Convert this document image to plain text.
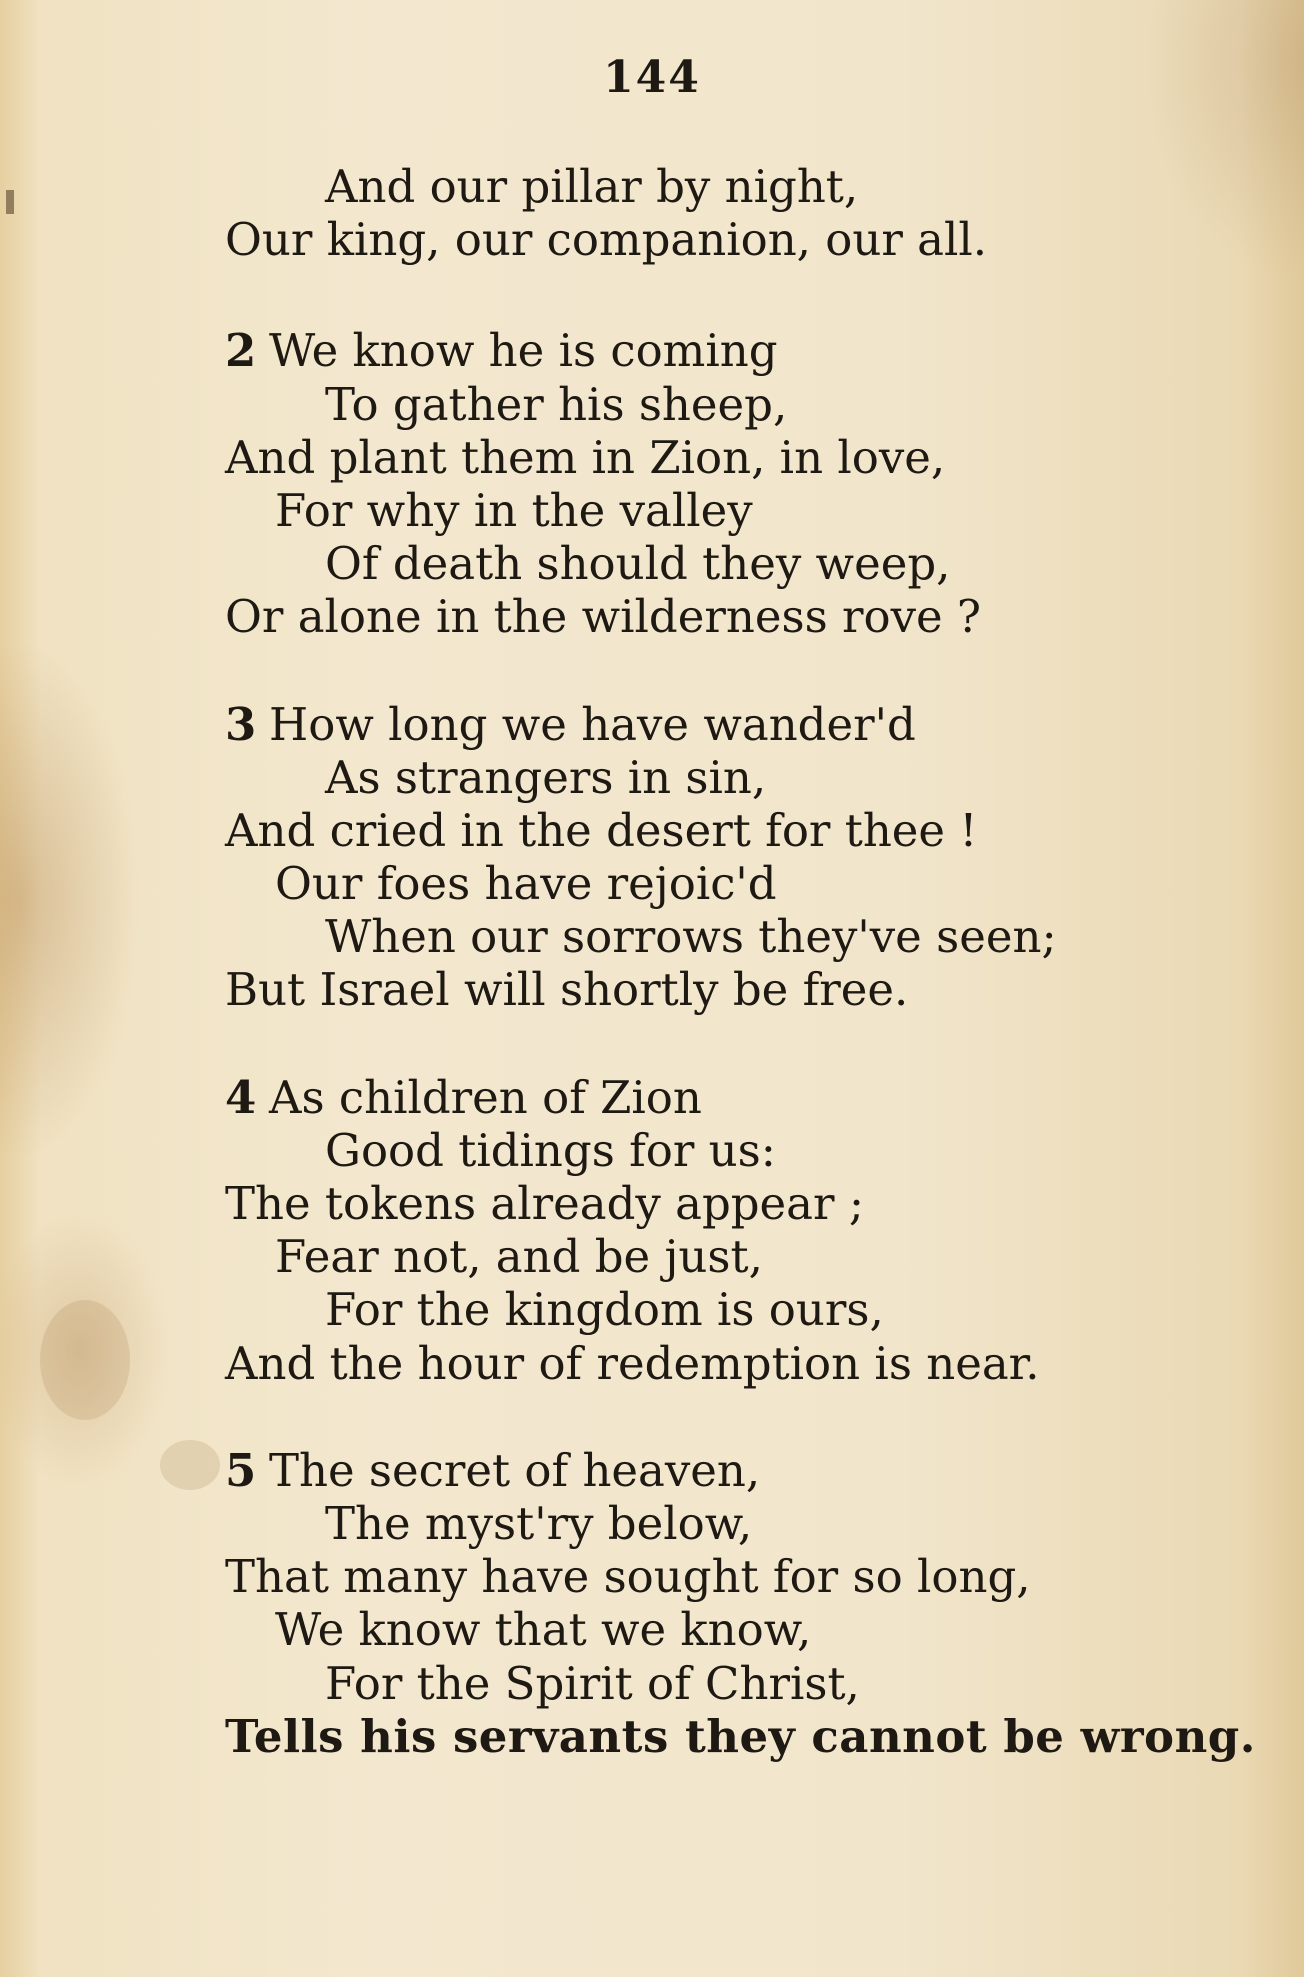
144
And our pillar by night,
Our king, our companion, our all.
2 We know he is coming
To gather his sheep,
And plant them in Zion, in love,
For why in the valley
Of death should they weep,
Or alone in the wilderness rove ?
3 How long we have wander'd
As strangers in sin,
And cried in the desert for thee !
Our foes have rejoic'd
When our sorrows they've seen;
But Israel will shortly be free.
4 As children of Zion
Good tidings for us:
The tokens already appear ;
Fear not, and be just,
For the kingdom is ours,
And the hour of redemption is near.
5 The secret of heaven,
The myst'ry below,
That many have sought for so long,
We know that we know,
For the Spirit of Christ,
Tells his servants they cannot be wrong.
